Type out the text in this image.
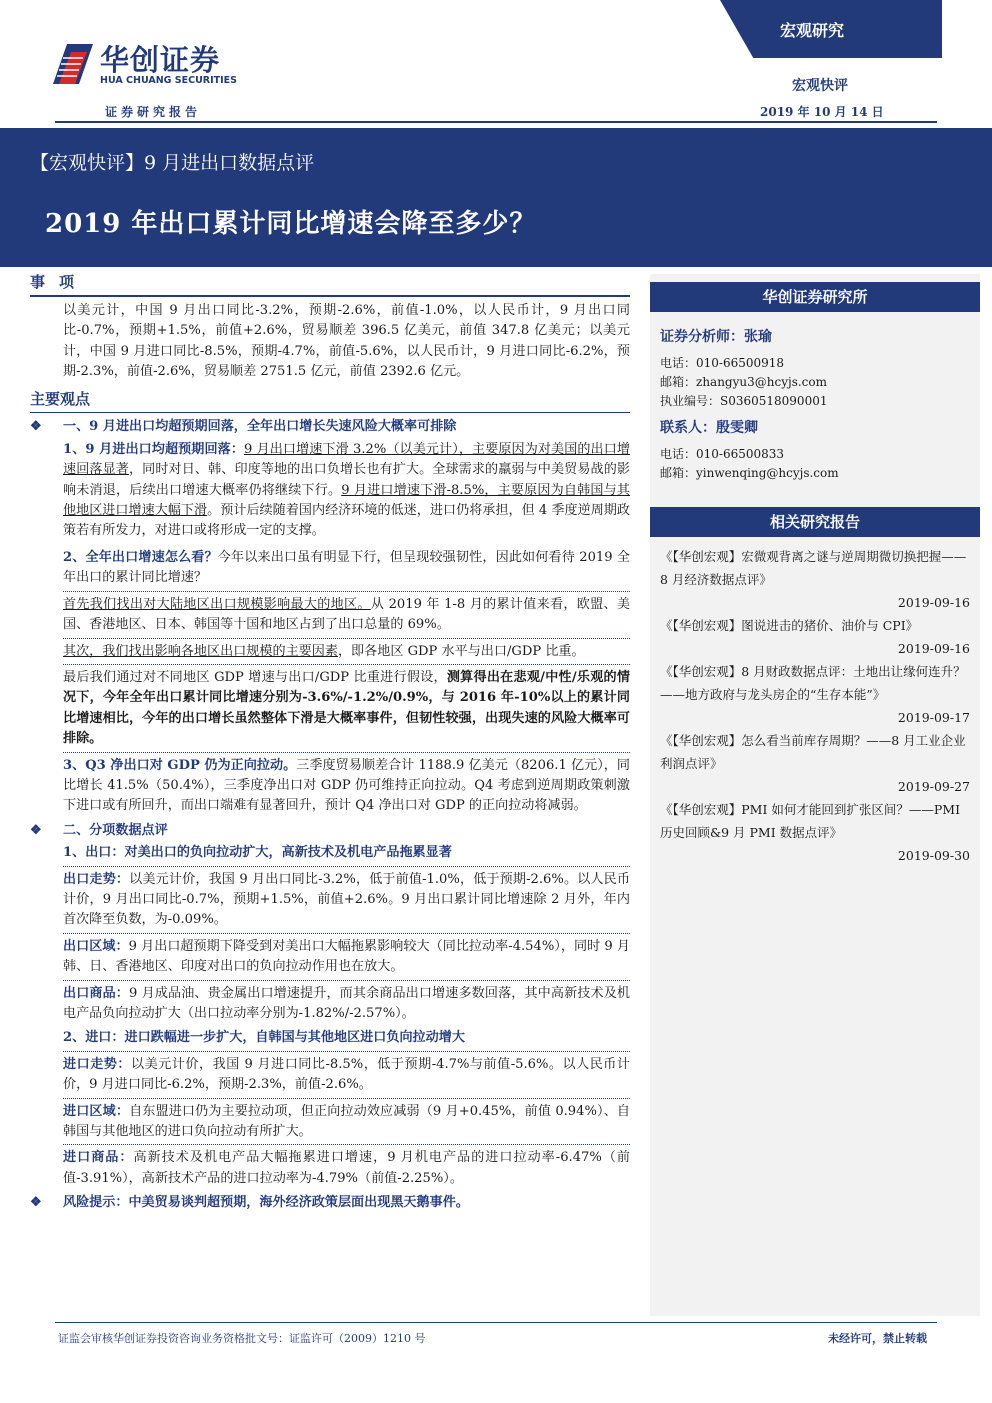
华创证券
HUA CHUANG SECURITIES
证券研究报告
宏观研究
宏观快评
2019 年 10 月 14 日
【宏观快评】9 月进出口数据点评
2019 年出口累计同比增速会降至多少？
事项

以美元计，中国 9 月出口同比-3.2%，预期-2.6%，前值-1.0%，以人民币计，9 月出口同比-0.7%，预期+1.5%，前值+2.6%，贸易顺差 396.5 亿美元，前值 347.8 亿美元；以美元计，中国 9 月进口同比-8.5%，预期-4.7%，前值-5.6%，以人民币计，9 月进口同比-6.2%，预期-2.3%，前值-2.6%，贸易顺差 2751.5 亿元，前值 2392.6 亿元。

主要观点
❖	一、9 月进出口均超预期回落，全年出口增长失速风险大概率可排除

1、9 月进出口均超预期回落：9 月出口增速下滑 3.2%（以美元计），主要原因为对美国的出口增速回落显著，同时对日、韩、印度等地的出口负增长也有扩大。全球需求的羸弱与中美贸易战的影响未消退，后续出口增速大概率仍将继续下行。9 月进口增速下滑-8.5%，主要原因为自韩国与其他地区进口增速大幅下滑。预计后续随着国内经济环境的低迷，进口仍将承担，但 4 季度逆周期政策若有所发力，对进口或将形成一定的支撑。

2、全年出口增速怎么看？今年以来出口虽有明显下行，但呈现较强韧性，因此如何看待 2019 全年出口的累计同比增速？

首先我们找出对大陆地区出口规模影响最大的地区。从 2019 年 1-8 月的累计值来看，欧盟、美国、香港地区、日本、韩国等十国和地区占到了出口总量的 69%。

其次，我们找出影响各地区出口规模的主要因素，即各地区 GDP 水平与出口/GDP 比重。

最后我们通过对不同地区 GDP 增速与出口/GDP 比重进行假设，测算得出在悲观/中性/乐观的情况下，今年全年出口累计同比增速分别为-3.6%/-1.2%/0.9%，与 2016 年-10%以上的累计同比增速相比，今年的出口增长虽然整体下滑是大概率事件，但韧性较强，出现失速的风险大概率可排除。

3、Q3 净出口对 GDP 仍为正向拉动。三季度贸易顺差合计 1188.9 亿美元（8206.1 亿元），同比增长 41.5%（50.4%），三季度净出口对 GDP 仍可维持正向拉动。Q4 考虑到逆周期政策刺激下进口或有所回升，而出口端难有显著回升，预计 Q4 净出口对 GDP 的正向拉动将减弱。

❖	二、分项数据点评
1、出口：对美出口的负向拉动扩大，高新技术及机电产品拖累显著

出口走势：以美元计价，我国 9 月出口同比-3.2%，低于前值-1.0%，低于预期-2.6%。以人民币计价，9 月出口同比-0.7%，预期+1.5%，前值+2.6%。9 月出口累计同比增速除 2 月外，年内首次降至负数，为-0.09%。

出口区域：9 月出口超预期下降受到对美出口大幅拖累影响较大（同比拉动率-4.54%），同时 9 月韩、日、香港地区、印度对出口的负向拉动作用也在放大。

出口商品：9 月成品油、贵金属出口增速提升，而其余商品出口增速多数回落，其中高新技术及机电产品负向拉动扩大（出口拉动率分别为-1.82%/-2.57%）。

2、进口：进口跌幅进一步扩大，自韩国与其他地区进口负向拉动增大

进口走势：以美元计价，我国 9 月进口同比-8.5%，低于预期-4.7%与前值-5.6%。以人民币计价，9 月进口同比-6.2%，预期-2.3%，前值-2.6%。

进口区域：自东盟进口仍为主要拉动项，但正向拉动效应减弱（9 月+0.45%，前值 0.94%）、自韩国与其他地区的进口负向拉动有所扩大。

进口商品：高新技术及机电产品大幅拖累进口增速，9 月机电产品的进口拉动率-6.47%（前值-3.91%），高新技术产品的进口拉动率为-4.79%（前值-2.25%）。

❖	风险提示：中美贸易谈判超预期，海外经济政策层面出现黑天鹅事件。
华创证券研究所
证券分析师：张瑜
电话：010-66500918
邮箱：zhangyu3@hcyjs.com
执业编号：S0360518090001
联系人：殷雯卿
电话：010-66500833
邮箱：yinwenqing@hcyjs.com
相关研究报告
《【华创宏观】宏微观背离之谜与逆周期微切换把握——8 月经济数据点评》
2019-09-16
《【华创宏观】图说进击的猪价、油价与 CPI》
2019-09-16
《【华创宏观】8 月财政数据点评：土地出让缘何连升？——地方政府与龙头房企的“生存本能”》
2019-09-17
《【华创宏观】怎么看当前库存周期？——8 月工业企业利润点评》
2019-09-27
《【华创宏观】PMI 如何才能回到扩张区间？——PMI 历史回顾&9 月 PMI 数据点评》
2019-09-30
证监会审核华创证券投资咨询业务资格批文号：证监许可（2009）1210 号	未经许可，禁止转载
